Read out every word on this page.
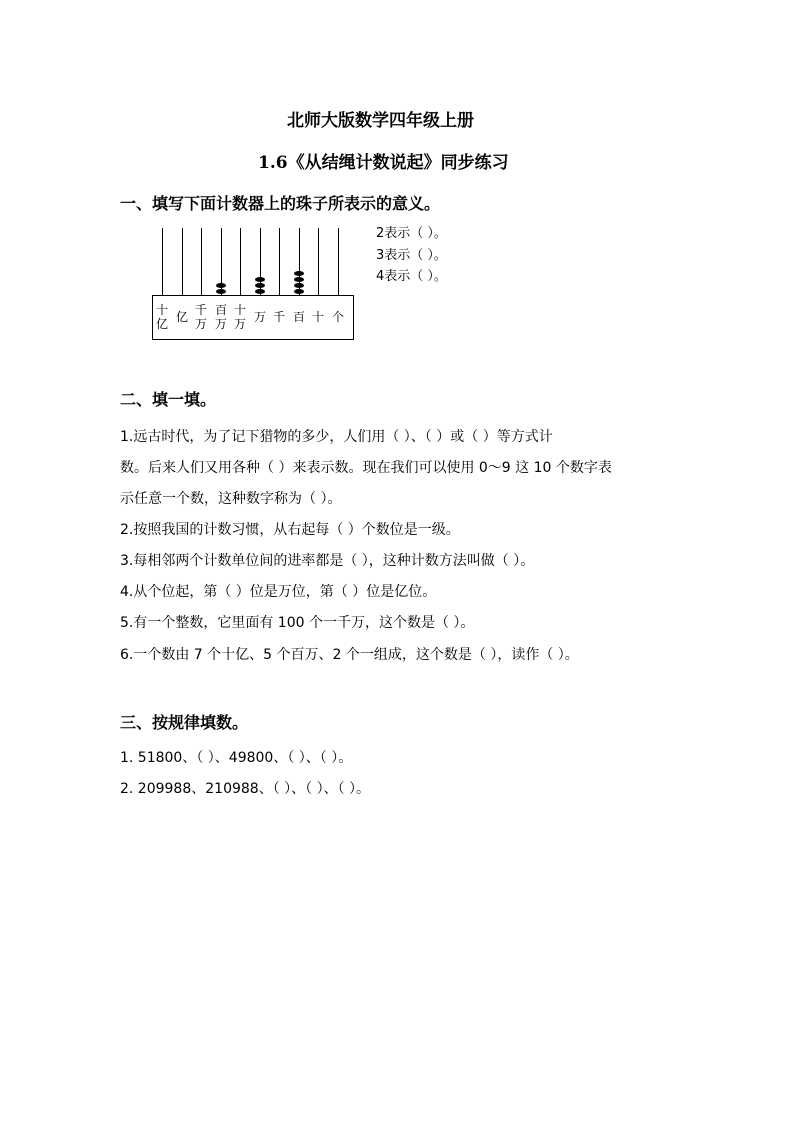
北师大版数学四年级上册
1.6《从结绳计数说起》同步练习
一、填写下面计数器上的珠子所表示的意义。
十
亿 亿 千
万
百
万
十
万 万 千 百 十 个
2表示（ ）。
3表示（ ）。
4表示（ ）。
二、填一填。
1.远古时代，为了记下猎物的多少，人们用（ ）、（ ）或（ ）等方式计
数。后来人们又用各种（ ）来表示数。现在我们可以使用 0～9 这 10 个数字表
示任意一个数，这种数字称为（ ）。
2.按照我国的计数习惯，从右起每（ ）个数位是一级。
3.每相邻两个计数单位间的进率都是（ ），这种计数方法叫做（ ）。
4.从个位起，第（ ）位是万位，第（ ）位是亿位。
5.有一个整数，它里面有 100 个一千万，这个数是（ ）。
6.一个数由 7 个十亿、5 个百万、2 个一组成，这个数是（ ），读作（ ）。
三、按规律填数。
1. 51800、（ ）、49800、（ ）、（ ）。
2. 209988、210988、（ ）、（ ）、（ ）。
